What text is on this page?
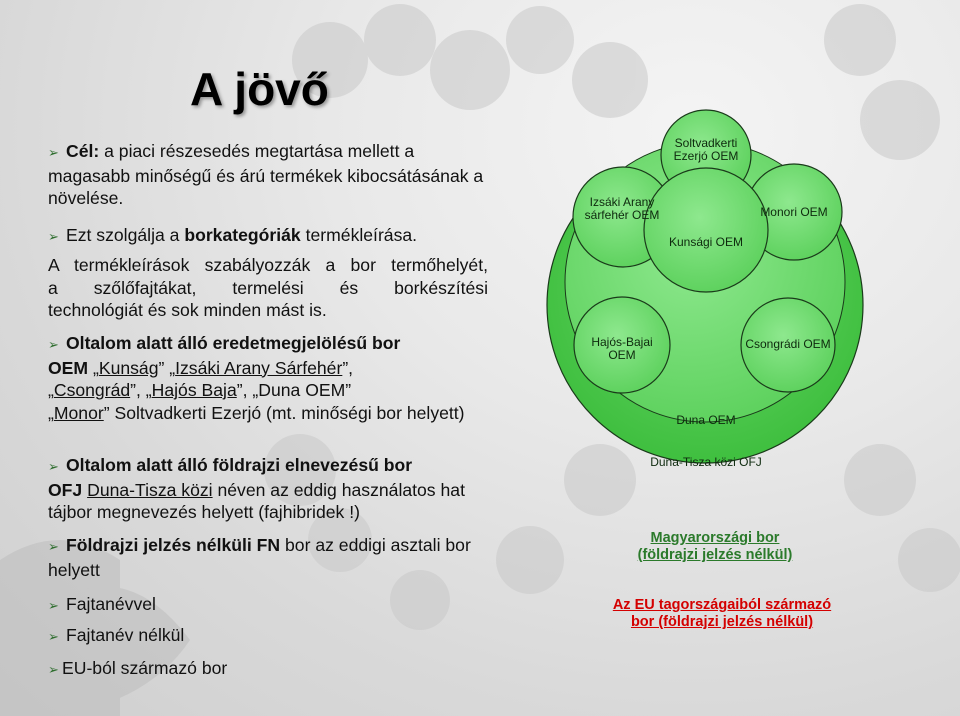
A jövő
➢ Cél: a piaci részesedés megtartása mellett a magasabb minőségű és árú termékek kibocsátásának a növelése.
➢ Ezt szolgálja a borkategóriák termékleírása.

A termékleírások szabályozzák a bor termőhelyét,

a szőlőfajtákat, termelési és borkészítési

technológiát és sok minden mást is.

➢ Oltalom alatt álló eredetmegjelölésű bor
OEM „Kunság” „Izsáki Arany Sárfehér”,
„Csongrád”, „Hajós Baja”, „Duna OEM”
„Monor” Soltvadkerti Ezerjó (mt. minőségi bor helyett)
➢ Oltalom alatt álló földrajzi elnevezésű bor
OFJ Duna-Tisza közi néven az eddig használatos hat tájbor megnevezés helyett (fajhibridek !)
➢ Földrajzi jelzés nélküli FN bor az eddigi asztali bor helyett
➢ Fajtanévvel
➢ Fajtanév nélkül
➢ EU-ból származó bor
Izsáki Arany sárfehér OEM
Soltvadkerti Ezerjó OEM
Monori OEM
Kunsági OEM
Hajós-Bajai OEM
Csongrádi OEM
Duna OEM
Duna-Tisza közi OFJ
Magyarországi bor (földrajzi jelzés nélkül)
Az EU tagországaiból származó bor (földrajzi jelzés nélkül)
